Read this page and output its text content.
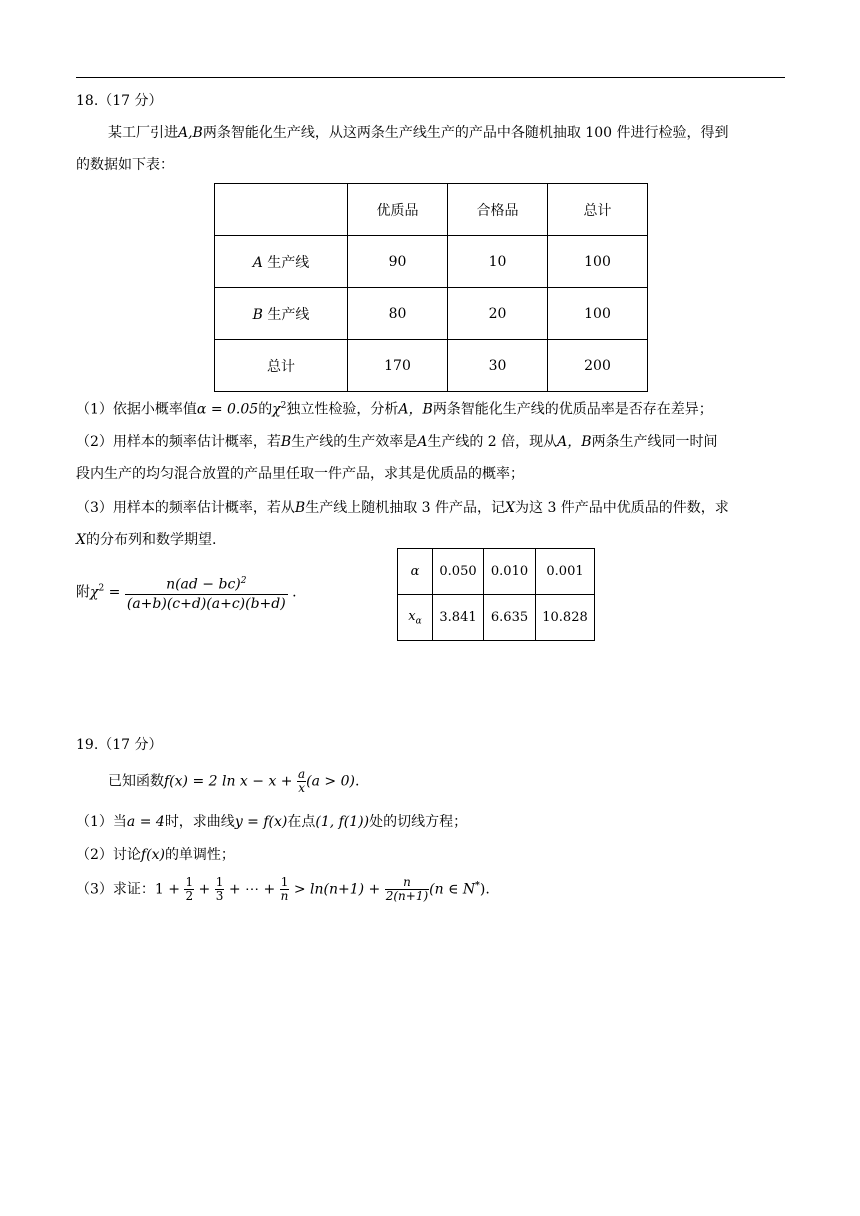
18.（17 分）
某工厂引进A,B两条智能化生产线，从这两条生产线生产的产品中各随机抽取 100 件进行检验，得到
的数据如下表：
	优质品	合格品	总计
A 生产线	90	10	100
B 生产线	80	20	100
总计	170	30	200
（1）依据小概率值α = 0.05的$\chi^2$独立性检验，分析A，B两条智能化生产线的优质品率是否存在差异；
（2）用样本的频率估计概率，若B生产线的生产效率是A生产线的 2 倍，现从A，B两条生产线同一时间
段内生产的均匀混合放置的产品里任取一件产品，求其是优质品的概率；
（3）用样本的频率估计概率，若从B生产线上随机抽取 3 件产品，记X为这 3 件产品中优质品的件数，求
X的分布列和数学期望.
附$\chi^2 = \frac{n(ad - bc)^2}{(a+b)(c+d)(a+c)(b+d)}$ .
α	0.050	0.010	0.001
$x_\alpha$	3.841	6.635	10.828
19.（17 分）
已知函数f(x) = 2 $\ln x - x + \frac{a}{x} (a > 0)$.
（1）当a = 4时，求曲线y = f(x)在点(1, f(1))处的切线方程；
（2）讨论f(x)的单调性；
（3）求证：$1 + \frac{1}{2} + \frac{1}{3}$ + ⋯ + $\frac{1}{n} > \ln(n+1) + \frac{n}{2(n+1)} (n$ ∈ N*).
